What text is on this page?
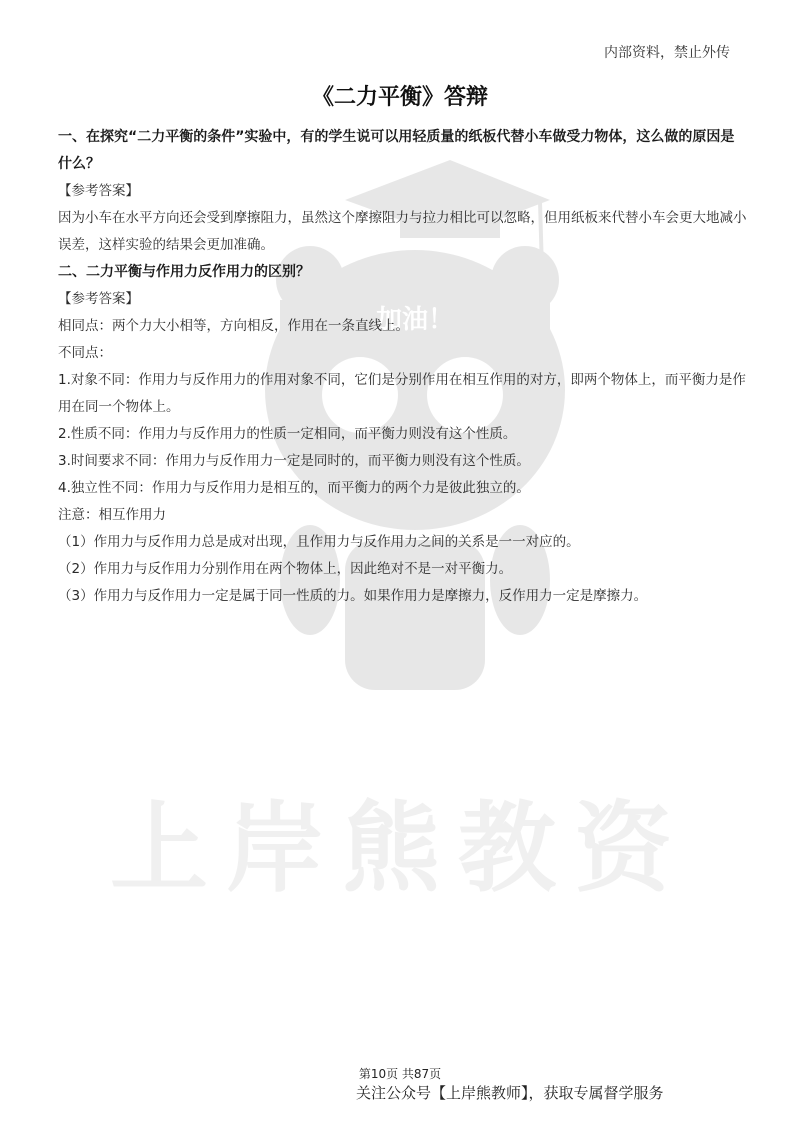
加油！
上岸熊教资
内部资料，禁止外传
《二力平衡》答辩

一、在探究“二力平衡的条件”实验中，有的学生说可以用轻质量的纸板代替小车做受力物体，这么做的原因是什么？

【参考答案】

因为小车在水平方向还会受到摩擦阻力，虽然这个摩擦阻力与拉力相比可以忽略，但用纸板来代替小车会更大地减小误差，这样实验的结果会更加准确。

二、二力平衡与作用力反作用力的区别？

【参考答案】

相同点：两个力大小相等，方向相反，作用在一条直线上。

不同点：

1.对象不同：作用力与反作用力的作用对象不同，它们是分别作用在相互作用的对方，即两个物体上，而平衡力是作用在同一个物体上。

2.性质不同：作用力与反作用力的性质一定相同，而平衡力则没有这个性质。

3.时间要求不同：作用力与反作用力一定是同时的，而平衡力则没有这个性质。

4.独立性不同：作用力与反作用力是相互的，而平衡力的两个力是彼此独立的。

注意：相互作用力

（1）作用力与反作用力总是成对出现，且作用力与反作用力之间的关系是一一对应的。

（2）作用力与反作用力分别作用在两个物体上，因此绝对不是一对平衡力。

（3）作用力与反作用力一定是属于同一性质的力。如果作用力是摩擦力，反作用力一定是摩擦力。

第10页 共87页
关注公众号【上岸熊教师】，获取专属督学服务
